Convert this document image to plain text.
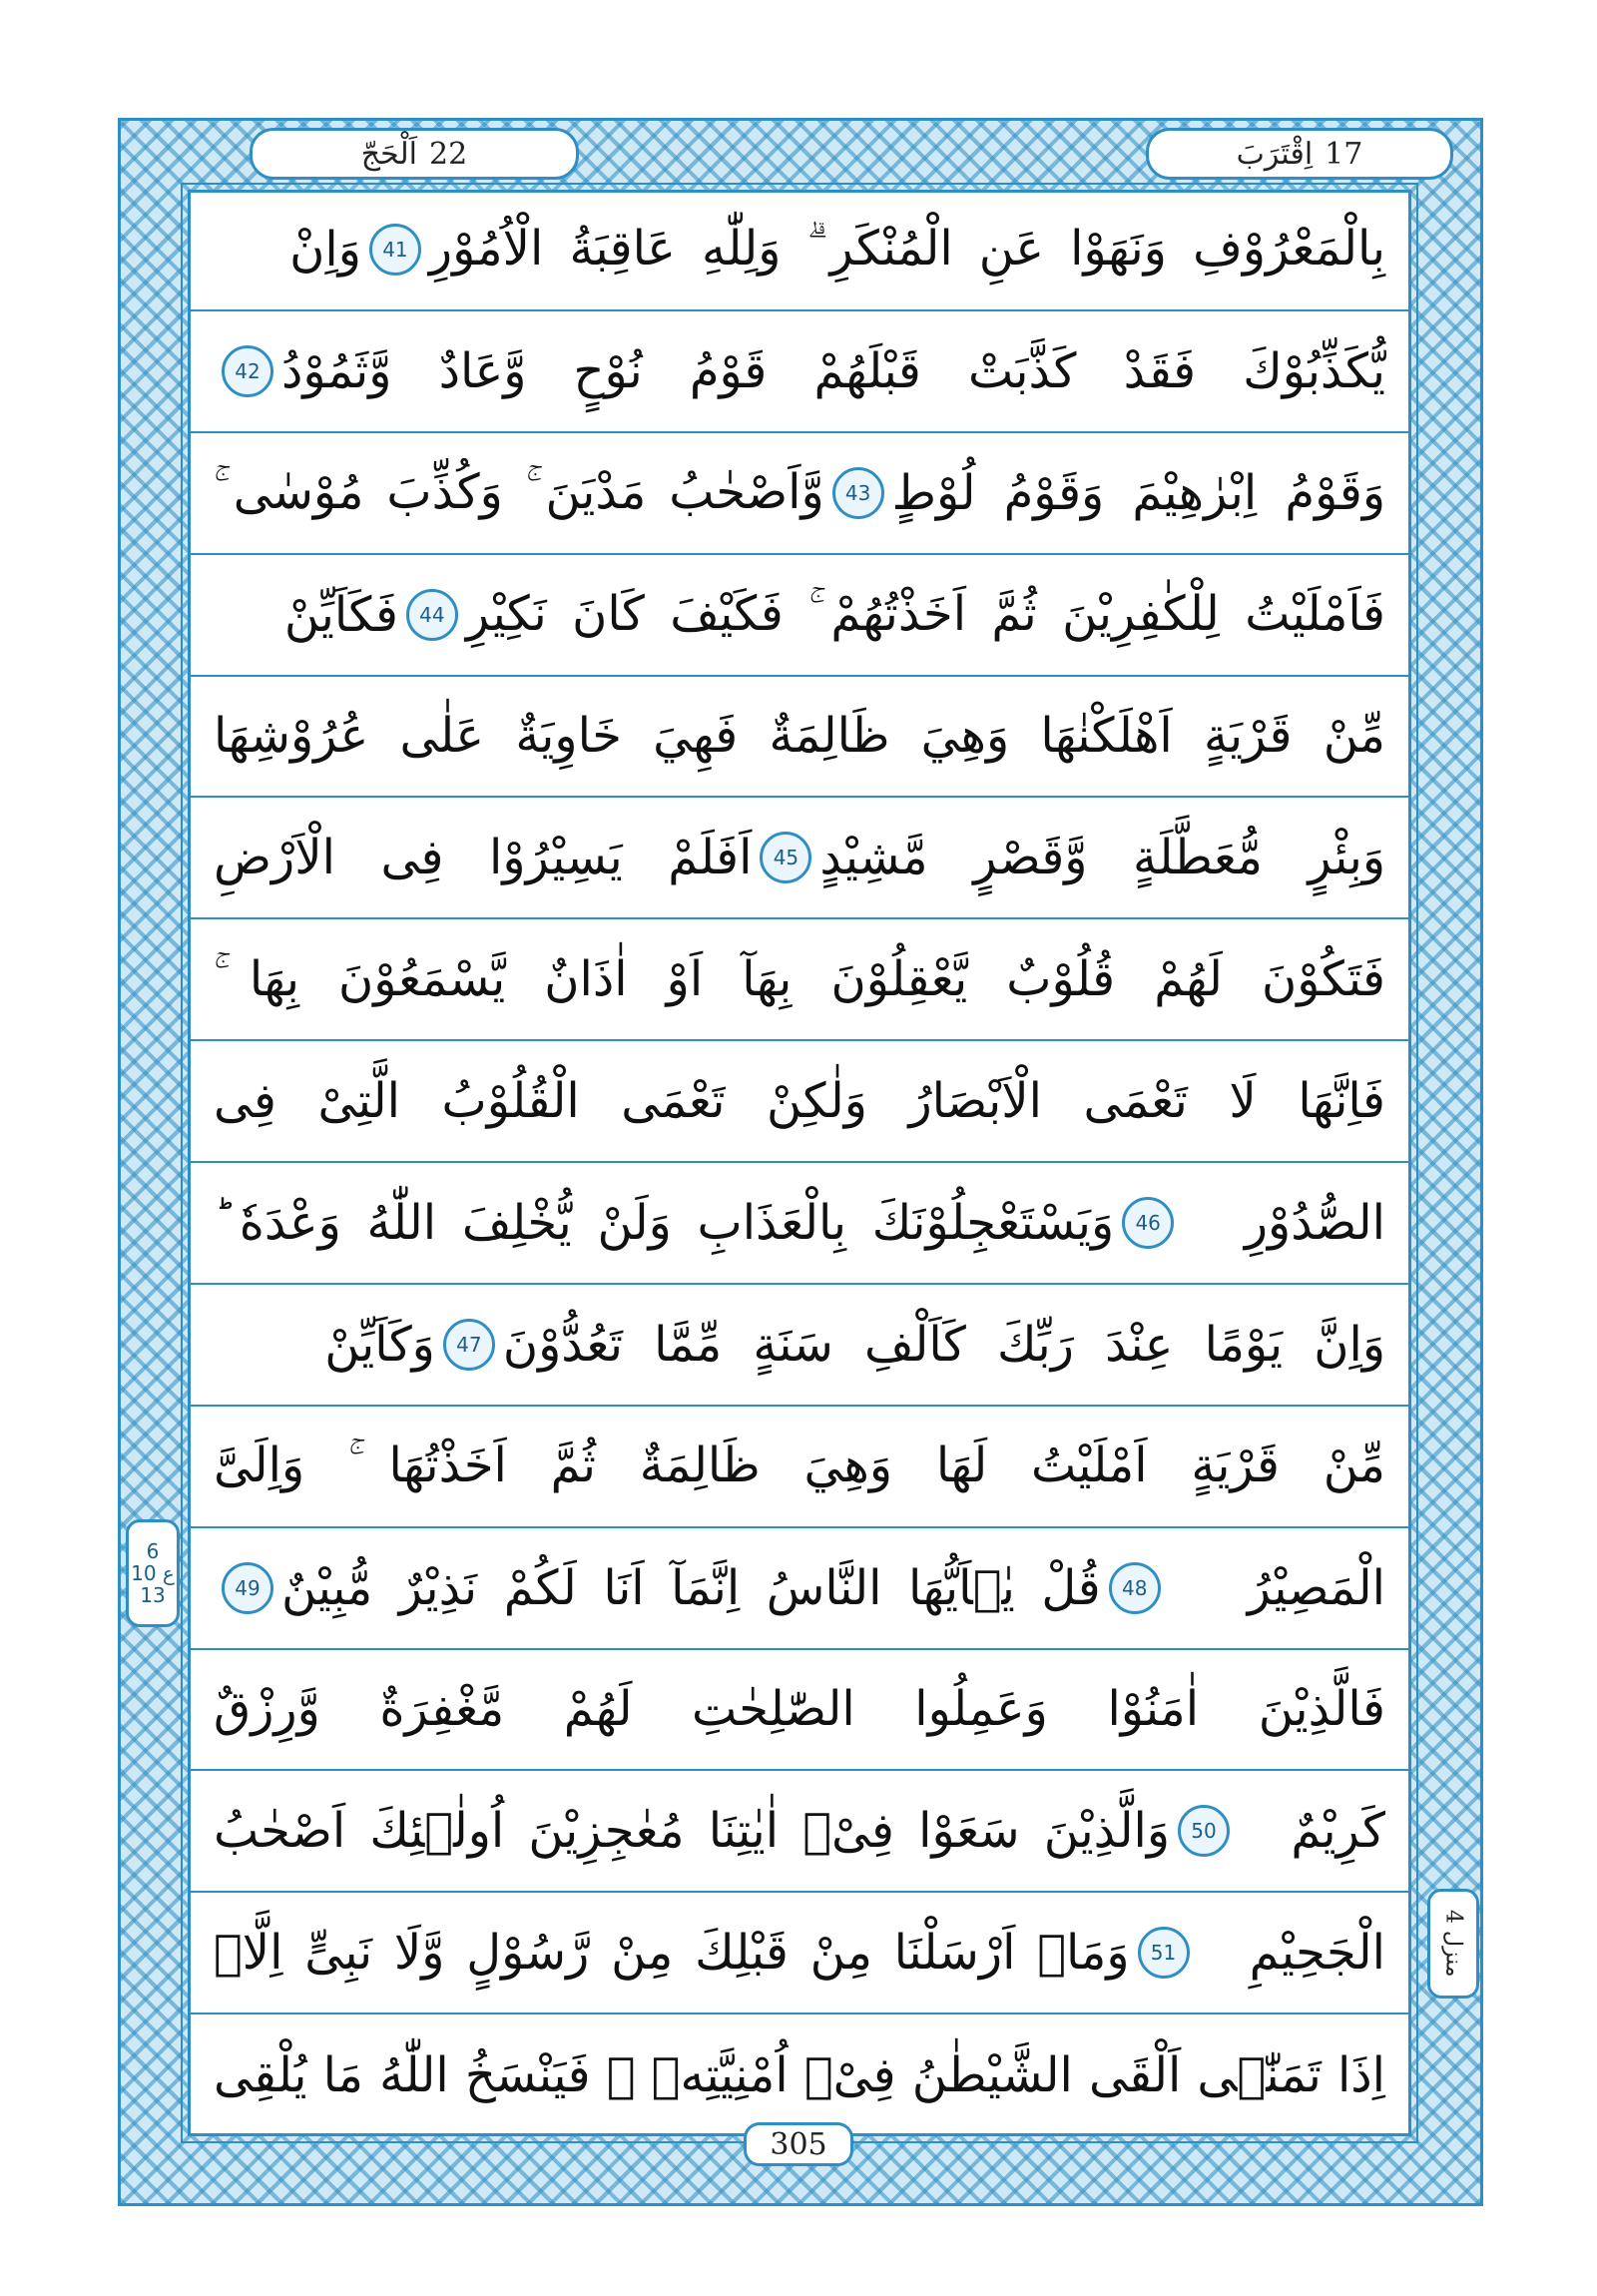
اَلْحَجّ 22	اِقْتَرَبَ 17
بِالْمَعْرُوْفِ وَنَهَوْا عَنِ الْمُنْكَرِ ۗ وَلِلّٰهِ عَاقِبَةُ الْاُمُوْرِ
41
وَاِنْ
يُّكَذِّبُوْكَ فَقَدْ كَذَّبَتْ قَبْلَهُمْ قَوْمُ نُوْحٍ وَّعَادٌ وَّثَمُوْدُ
42
وَقَوْمُ اِبْرٰهِيْمَ وَقَوْمُ لُوْطٍ
43
وَّاَصْحٰبُ مَدْيَنَ ۚ وَكُذِّبَ مُوْسٰى ۚ
فَاَمْلَيْتُ لِلْكٰفِرِيْنَ ثُمَّ اَخَذْتُهُمْ ۚ فَكَيْفَ كَانَ نَكِيْرِ
44
فَكَاَيِّنْ
مِّنْ قَرْيَةٍ اَهْلَكْنٰهَا وَهِيَ ظَالِمَةٌ فَهِيَ خَاوِيَةٌ عَلٰى عُرُوْشِهَا
وَبِئْرٍ مُّعَطَّلَةٍ وَّقَصْرٍ مَّشِيْدٍ
45
اَفَلَمْ يَسِيْرُوْا فِى الْاَرْضِ
فَتَكُوْنَ لَهُمْ قُلُوْبٌ يَّعْقِلُوْنَ بِهَآ اَوْ اٰذَانٌ يَّسْمَعُوْنَ بِهَا ۚ
فَاِنَّهَا لَا تَعْمَى الْاَبْصَارُ وَلٰكِنْ تَعْمَى الْقُلُوْبُ الَّتِىْ فِى
الصُّدُوْرِ
46
وَيَسْتَعْجِلُوْنَكَ بِالْعَذَابِ وَلَنْ يُّخْلِفَ اللّٰهُ وَعْدَهٗ ؕ
وَاِنَّ يَوْمًا عِنْدَ رَبِّكَ كَاَلْفِ سَنَةٍ مِّمَّا تَعُدُّوْنَ
47
وَكَاَيِّنْ
مِّنْ قَرْيَةٍ اَمْلَيْتُ لَهَا وَهِيَ ظَالِمَةٌ ثُمَّ اَخَذْتُهَا ۚ وَاِلَىَّ
الْمَصِيْرُ
48
قُلْ يٰۤاَيُّهَا النَّاسُ اِنَّمَآ اَنَا لَكُمْ نَذِيْرٌ مُّبِيْنٌ
49
فَالَّذِيْنَ اٰمَنُوْا وَعَمِلُوا الصّٰلِحٰتِ لَهُمْ مَّغْفِرَةٌ وَّرِزْقٌ
كَرِيْمٌ
50
وَالَّذِيْنَ سَعَوْا فِىْۤ اٰيٰتِنَا مُعٰجِزِيْنَ اُولٰۤئِكَ اَصْحٰبُ
الْجَحِيْمِ
51
وَمَاۤ اَرْسَلْنَا مِنْ قَبْلِكَ مِنْ رَّسُوْلٍ وَّلَا نَبِىٍّ اِلَّاۤ
اِذَا تَمَنّٰۤى اَلْقَى الشَّيْطٰنُ فِىْۤ اُمْنِيَّتِهٖ ۚ فَيَنْسَخُ اللّٰهُ مَا يُلْقِى
6
ع 10
13
منزل 4
305
